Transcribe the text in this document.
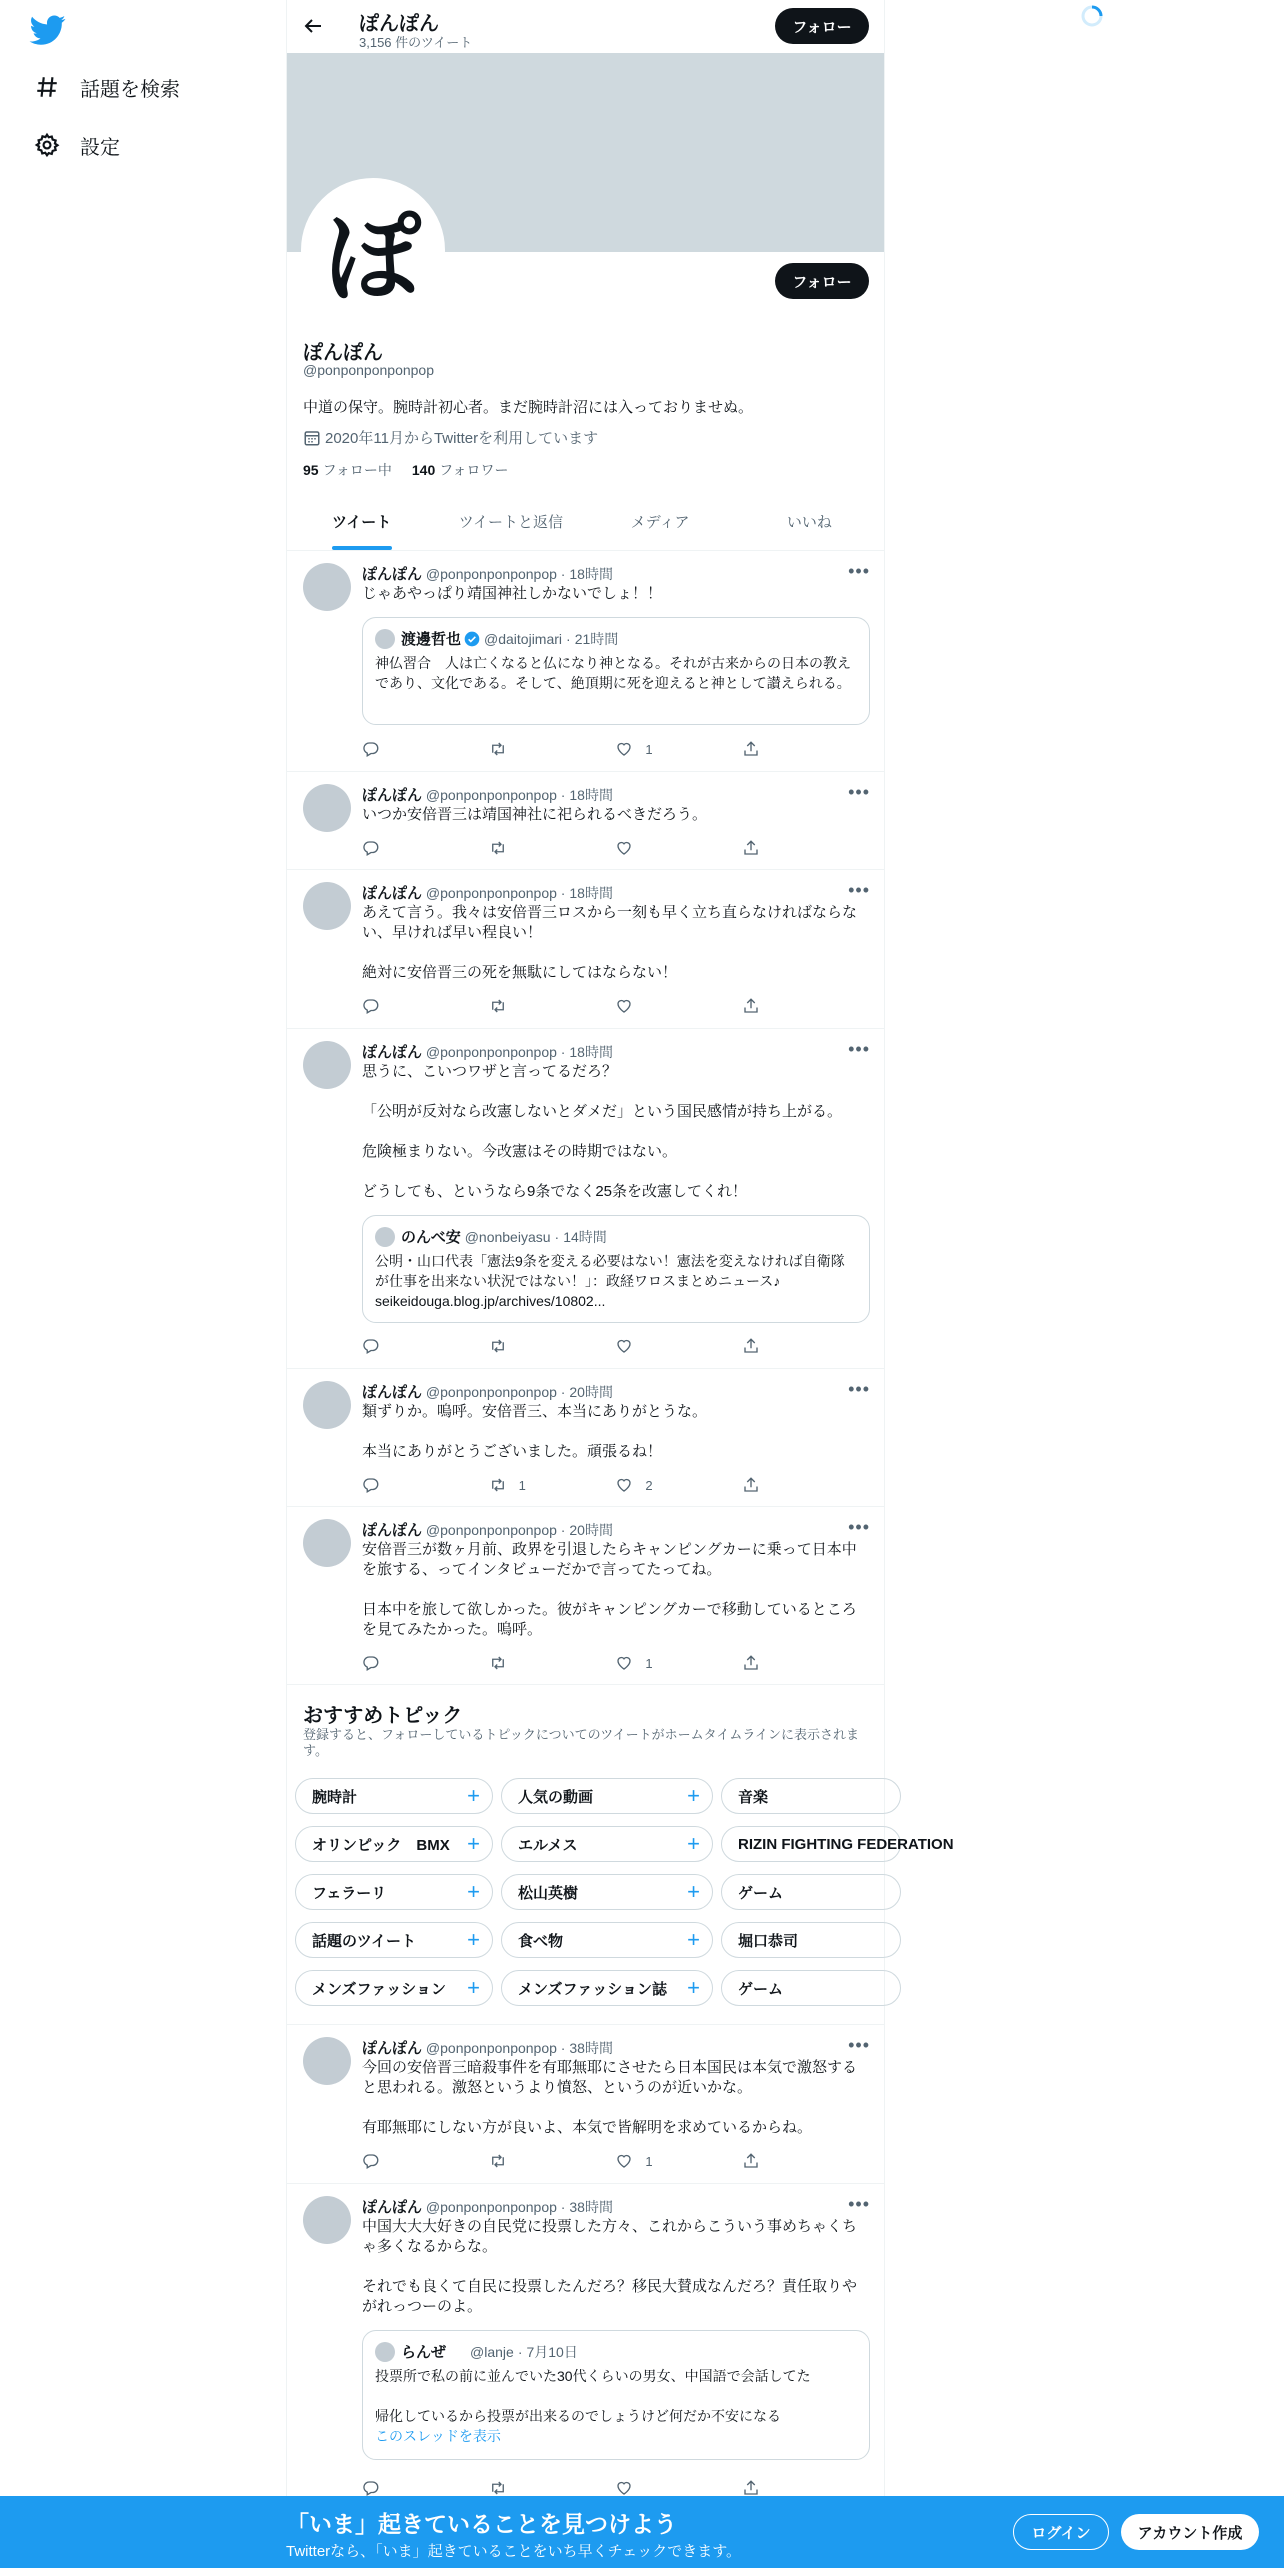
話題を検索
設定
ぽんぽん
3,156 件のツイート
フォロー
ぽ	フォロー
ぽんぽん
@ponponponponpop
中道の保守。腕時計初心者。まだ腕時計沼には入っておりませぬ。
2020年11月からTwitterを利用しています
95 フォロー中 140 フォロワー
ツイート	ツイートと返信	メディア	いいね
ぽんぽん @ponponponponpop · 18時間	•••
じゃあやっぱり靖国神社しかないでしょ！！
渡邊哲也 @daitojimari · 21時間
神仏習合　人は亡くなると仏になり神となる。それが古来からの日本の教えであり、文化である。そして、絶頂期に死を迎えると神として讃えられる。
1
ぽんぽん @ponponponponpop · 18時間	•••
いつか安倍晋三は靖国神社に祀られるべきだろう。
ぽんぽん @ponponponponpop · 18時間	•••
あえて言う。我々は安倍晋三ロスから一刻も早く立ち直らなければならない、早ければ早い程良い！

絶対に安倍晋三の死を無駄にしてはならない！
ぽんぽん @ponponponponpop · 18時間	•••
思うに、こいつワザと言ってるだろ？

「公明が反対なら改憲しないとダメだ」という国民感情が持ち上がる。

危険極まりない。今改憲はその時期ではない。

どうしても、というなら9条でなく25条を改憲してくれ！
のんべ安 @nonbeiyasu · 14時間
公明・山口代表「憲法9条を変える必要はない！憲法を変えなければ自衛隊が仕事を出来ない状況ではない！」：政経ワロスまとめニュース♪ seikeidouga.blog.jp/archives/10802...
ぽんぽん @ponponponponpop · 20時間	•••
類ずりか。嗚呼。安倍晋三、本当にありがとうな。

本当にありがとうございました。頑張るね！
1	2
ぽんぽん @ponponponponpop · 20時間	•••
安倍晋三が数ヶ月前、政界を引退したらキャンピングカーに乗って日本中を旅する、ってインタビューだかで言ってたってね。

日本中を旅して欲しかった。彼がキャンピングカーで移動しているところを見てみたかった。嗚呼。
1
おすすめトピック
登録すると、フォローしているトピックについてのツイートがホームタイムラインに表示されます。
腕時計	+	人気の動画	+	音楽
オリンピック　BMX +	エルメス	+	RIZIN FIGHTING FEDERATION
フェラーリ	+	松山英樹	+	ゲーム
話題のツイート +	食べ物	+	堀口恭司
メンズファッション +	メンズファッション誌 +	ゲーム
ぽんぽん @ponponponponpop · 38時間	•••
今回の安倍晋三暗殺事件を有耶無耶にさせたら日本国民は本気で激怒すると思われる。激怒というより憤怒、というのが近いかな。

有耶無耶にしない方が良いよ、本気で皆解明を求めているからね。
1
ぽんぽん @ponponponponpop · 38時間	•••
中国大大大好きの自民党に投票した方々、これからこういう事めちゃくちゃ多くなるからな。

それでも良くて自民に投票したんだろ？移民大賛成なんだろ？責任取りやがれっつーのよ。
らんぜ @lanje · 7月10日
投票所で私の前に並んでいた30代くらいの男女、中国語で会話してた

帰化しているから投票が出来るのでしょうけど何だか不安になる
このスレッドを表示
「いま」起きていることを見つけよう
Twitterなら、「いま」起きていることをいち早くチェックできます。
ログイン	アカウント作成
